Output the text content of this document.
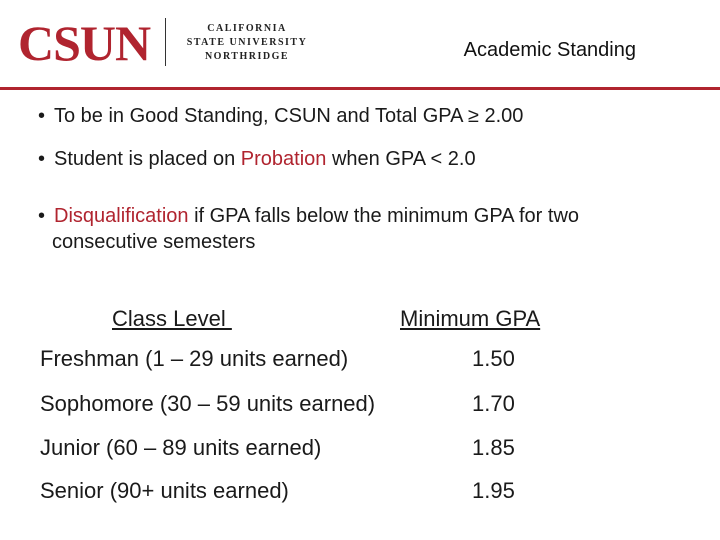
CSUN	CALIFORNIA
STATE UNIVERSITY
NORTHRIDGE	Academic Standing
• To be in Good Standing, CSUN and Total GPA ≥ 2.00
• Student is placed on Probation when GPA < 2.0
• Disqualification if GPA falls below the minimum GPA for two
consecutive semesters
Class Level	Minimum GPA
Freshman (1 – 29 units earned)	1.50
Sophomore (30 – 59 units earned)	1.70
Junior (60 – 89 units earned)	1.85
Senior (90+ units earned)	1.95
